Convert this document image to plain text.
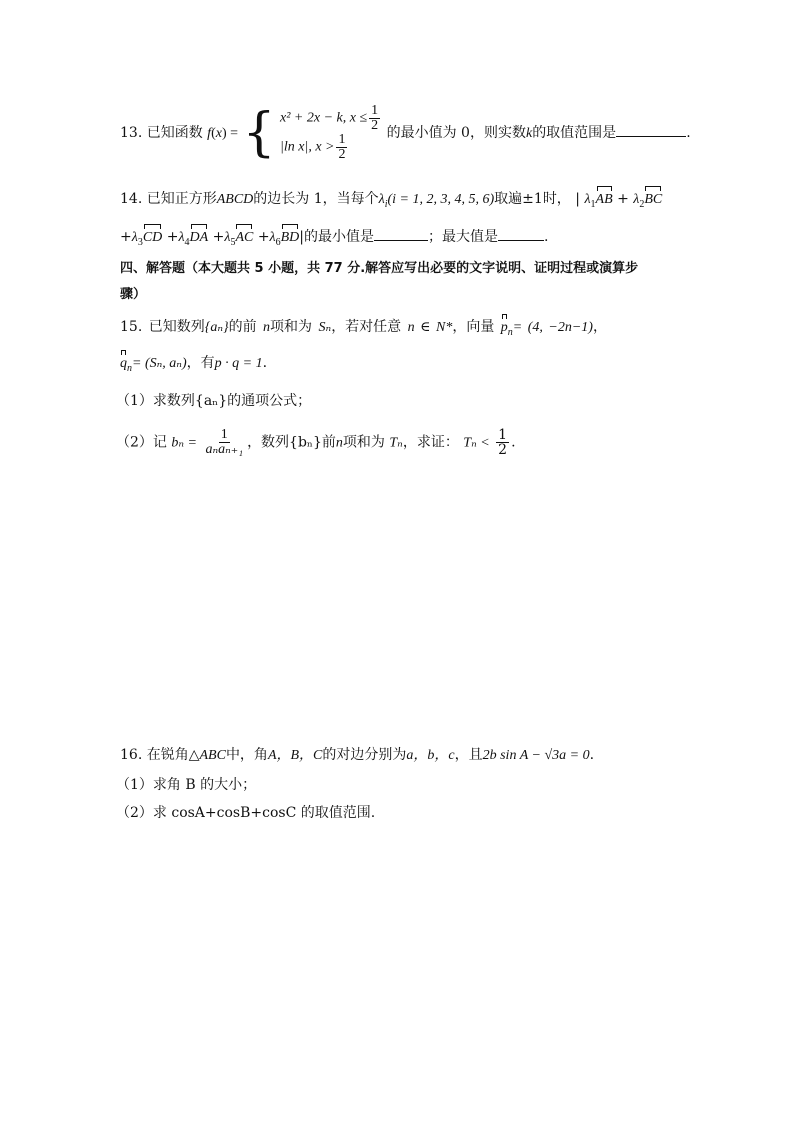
13. 已知函数 f(x) = { x² + 2x − k, $x \le \frac{1}{2}$
|ln x|, $x > \frac{1}{2}$	的最小值为 0，则实数k的取值范围是	.
14. 已知正方形ABCD的边长为 1，当每个$\lambda_i(i = 1$, 2, 3, 4, 5, 6)取遍±1时， | $\lambda_1AB + \lambda_2BC$
$+\lambda_3CD +\lambda_4DA +\lambda_5AC +\lambda_6BD|$的最小值是	；最大值是	.
四、解答题（本大题共 5 小题，共 77 分.解答应写出必要的文字说明、证明过程或演算步
骤）
15. 已知数列{aₙ}的前 n项和为 Sₙ，若对任意 n ∈ N*，向量 $p_n= (4$, −2n−1)，
$q_n= (S_n$, aₙ)，有p · q = 1.
（1）求数列{aₙ}的通项公式；
（2）记 $b_n = \frac{1}{\text{aₙaₙ₊₁}}$ ，数列{bₙ}前n项和为 Tₙ，求证： $T_n < \frac{1}{2}$ .
16. 在锐角△ABC中，角A，B，C的对边分别为a，b，c，且2b sin A − √3a = 0.
（1）求角 B 的大小；
（2）求 cosA+cosB+cosC 的取值范围.
